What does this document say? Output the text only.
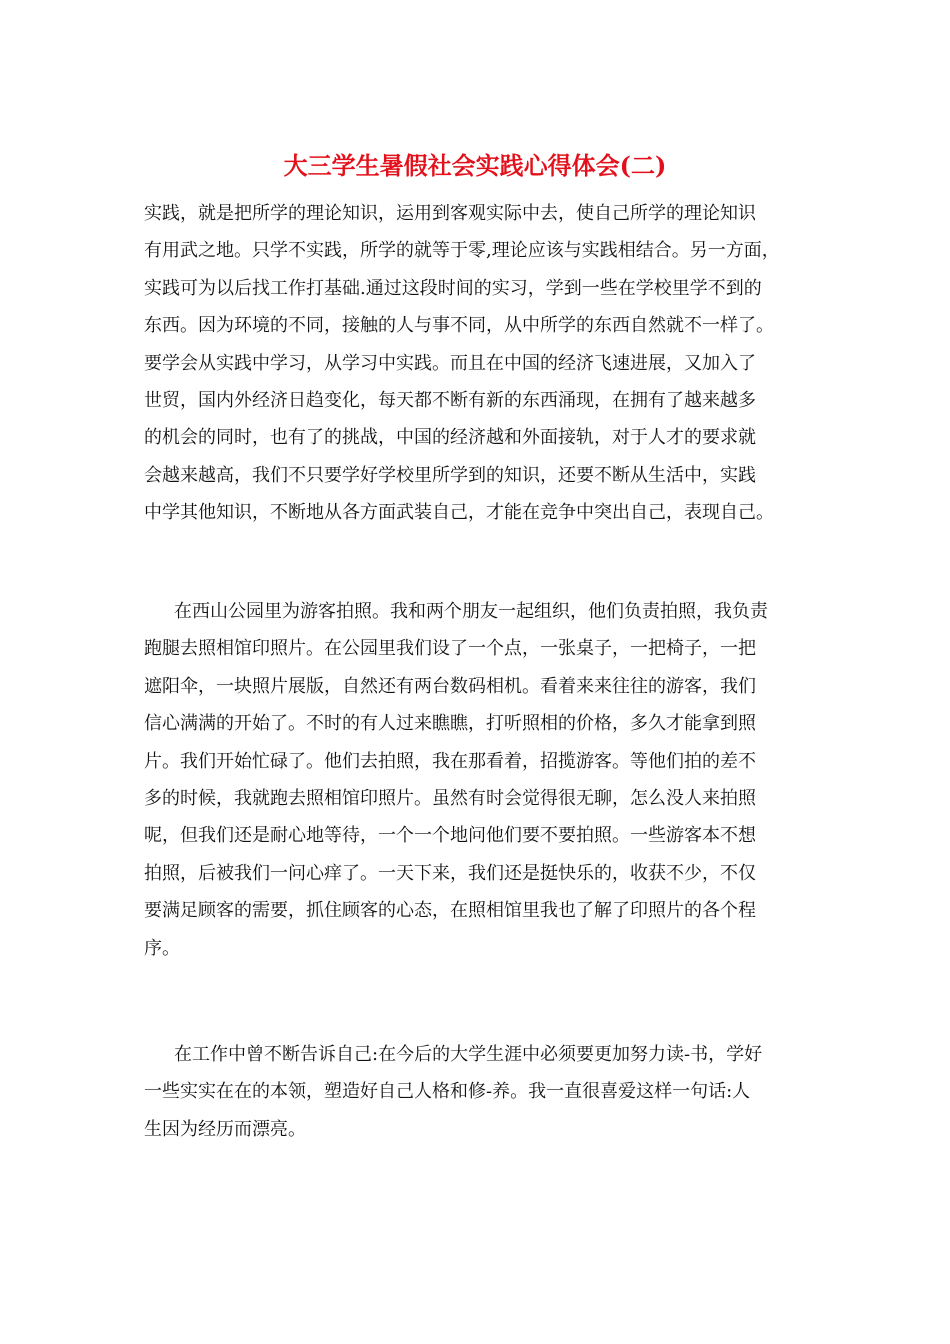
大三学生暑假社会实践心得体会(二)
实践，就是把所学的理论知识，运用到客观实际中去，使自己所学的理论知识
有用武之地。只学不实践，所学的就等于零,理论应该与实践相结合。另一方面，
实践可为以后找工作打基础.通过这段时间的实习，学到一些在学校里学不到的
东西。因为环境的不同，接触的人与事不同，从中所学的东西自然就不一样了。
要学会从实践中学习，从学习中实践。而且在中国的经济飞速进展，又加入了
世贸，国内外经济日趋变化，每天都不断有新的东西涌现，在拥有了越来越多
的机会的同时，也有了的挑战，中国的经济越和外面接轨，对于人才的要求就
会越来越高，我们不只要学好学校里所学到的知识，还要不断从生活中，实践
中学其他知识，不断地从各方面武装自己，才能在竞争中突出自己，表现自己。
在西山公园里为游客拍照。我和两个朋友一起组织，他们负责拍照，我负责
跑腿去照相馆印照片。在公园里我们设了一个点，一张桌子，一把椅子，一把
遮阳伞，一块照片展版，自然还有两台数码相机。看着来来往往的游客，我们
信心满满的开始了。不时的有人过来瞧瞧，打听照相的价格，多久才能拿到照
片。我们开始忙碌了。他们去拍照，我在那看着，招揽游客。等他们拍的差不
多的时候，我就跑去照相馆印照片。虽然有时会觉得很无聊，怎么没人来拍照
呢，但我们还是耐心地等待，一个一个地问他们要不要拍照。一些游客本不想
拍照，后被我们一问心痒了。一天下来，我们还是挺快乐的，收获不少，不仅
要满足顾客的需要，抓住顾客的心态，在照相馆里我也了解了印照片的各个程
序。
在工作中曾不断告诉自己:在今后的大学生涯中必须要更加努力读-书，学好
一些实实在在的本领，塑造好自己人格和修-养。我一直很喜爱这样一句话:人
生因为经历而漂亮。
